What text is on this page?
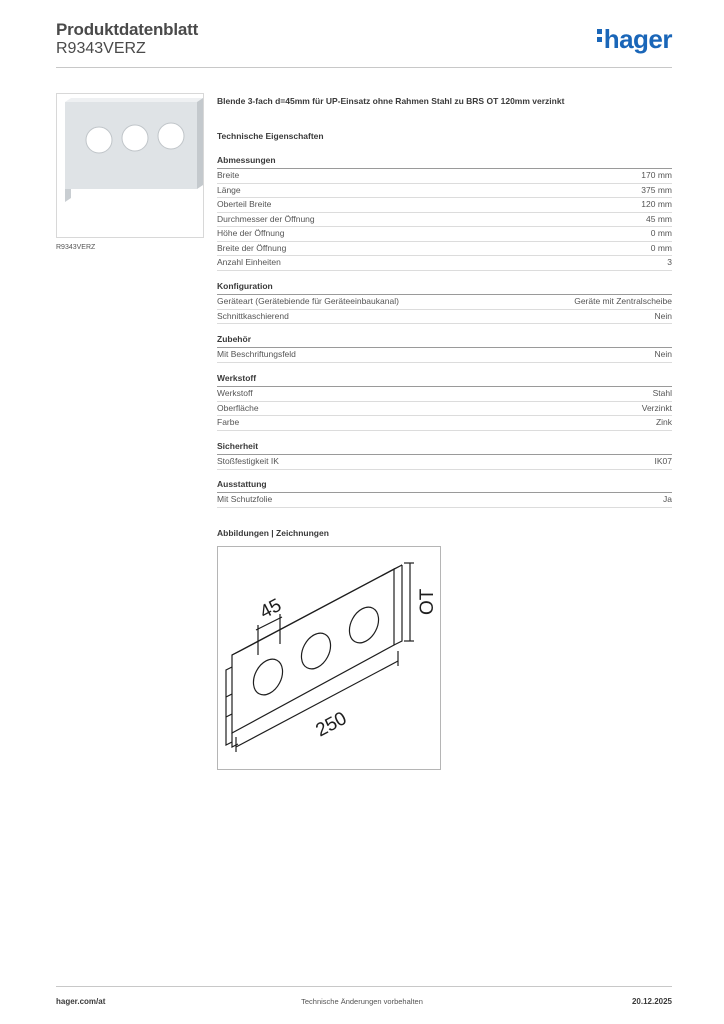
Produktdatenblatt
R9343VERZ	hager
R9343VERZ
Blende 3-fach d=45mm für UP-Einsatz ohne Rahmen Stahl zu BRS OT 120mm verzinkt
Technische Eigenschaften
Abmessungen
Breite	170 mm
Länge	375 mm
Oberteil Breite	120 mm
Durchmesser der Öffnung	45 mm
Höhe der Öffnung	0 mm
Breite der Öffnung	0 mm
Anzahl Einheiten	3
Konfiguration
Geräteart (Gerätebiende für Geräteeinbaukanal)	Geräte mit Zentralscheibe
Schnittkaschierend	Nein
Zubehör
Mit Beschriftungsfeld	Nein
Werkstoff
Werkstoff	Stahl
Oberfläche	Verzinkt
Farbe	Zink
Sicherheit
Stoßfestigkeit IK	IK07
Ausstattung
Mit Schutzfolie	Ja
Abbildungen | Zeichnungen
45	OT
250
hager.com/at	Technische Änderungen vorbehalten	20.12.2025
